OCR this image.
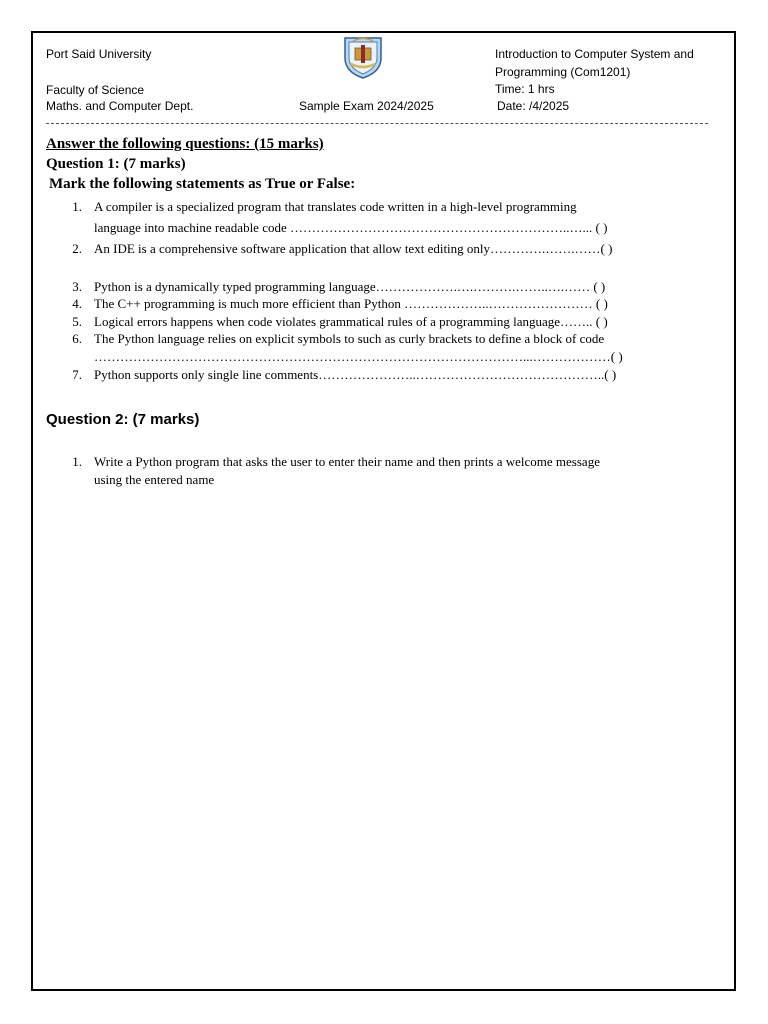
Port Said University
Faculty of Science
Maths. and Computer Dept.	Sample Exam 2024/2025
Introduction to Computer System and
Programming (Com1201)
Time: 1 hrs
Date: /4/2025
Answer the following questions: (15 marks)
Question 1: (7 marks)
Mark the following statements as True or False:
1. A compiler is a specialized program that translates code written in a high-level programming
language into machine readable code ………………………………………………………..…... ( )
2. An IDE is a comprehensive software application that allow text editing only………….…….……( )
3. Python is a dynamically typed programming language……………….….……….……..….…… ( )
4. The C++ programming is much more efficient than Python ………………..…………………… ( )
5. Logical errors happens when code violates grammatical rules of a programming language…….. ( )
6. The Python language relies on explicit symbols to such as curly brackets to define a block of code
………………………………………………………………………………………...………………( )
7. Python supports only single line comments…………………..……………………………………..( )
Question 2: (7 marks)
1. Write a Python program that asks the user to enter their name and then prints a welcome message
using the entered name
